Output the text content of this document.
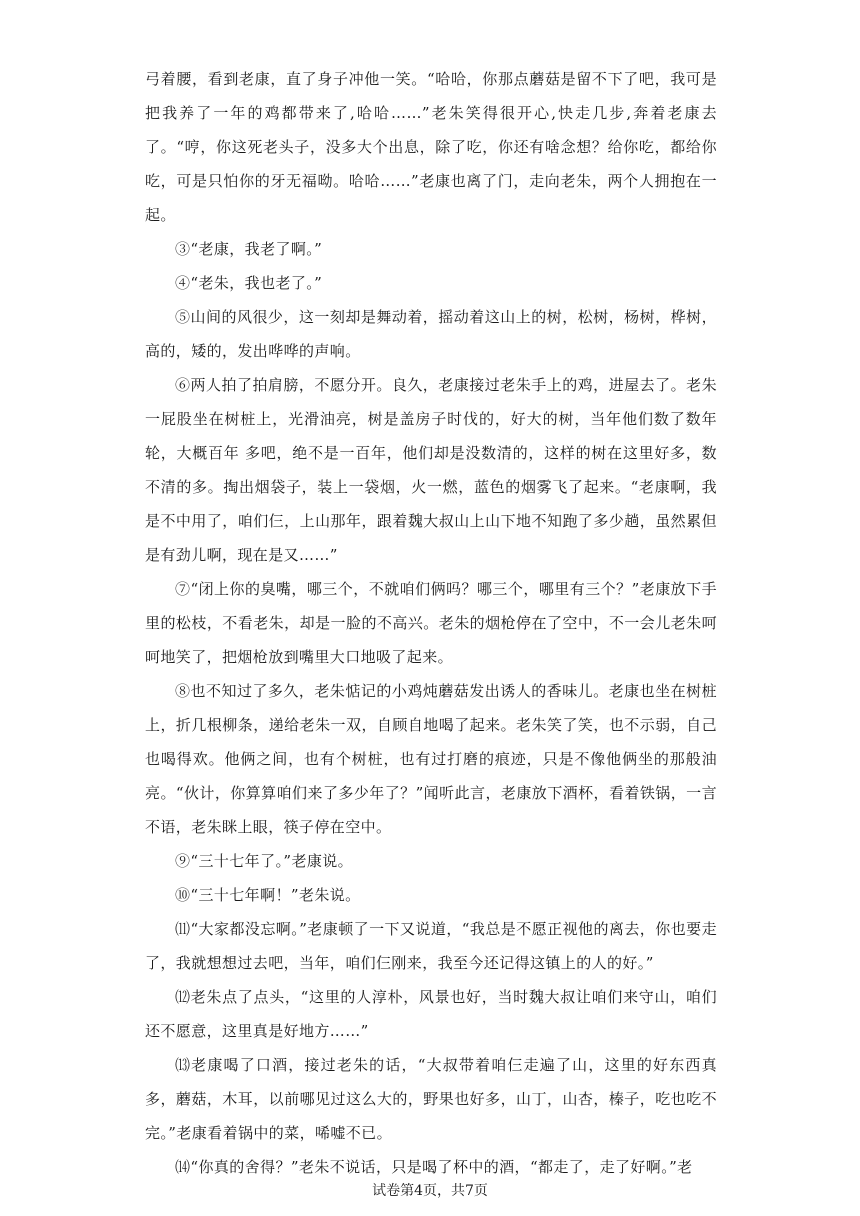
弓着腰，看到老康，直了身子冲他一笑。“哈哈，你那点蘑菇是留不下了吧，我可是把我养了一年的鸡都带来了,哈哈……”老朱笑得很开心,快走几步,奔着老康去了。“哼，你这死老头子，没多大个出息，除了吃，你还有啥念想？给你吃，都给你吃，可是只怕你的牙无福呦。哈哈……”老康也离了门，走向老朱，两个人拥抱在一起。

③“老康，我老了啊。”

④“老朱，我也老了。”

⑤山间的风很少，这一刻却是舞动着，摇动着这山上的树，松树，杨树，桦树，高的，矮的，发出哗哗的声响。

⑥两人拍了拍肩膀，不愿分开。良久，老康接过老朱手上的鸡，进屋去了。老朱一屁股坐在树桩上，光滑油亮，树是盖房子时伐的，好大的树，当年他们数了数年轮，大概百年 多吧，绝不是一百年，他们却是没数清的，这样的树在这里好多，数不清的多。掏出烟袋子，装上一袋烟，火一燃，蓝色的烟雾飞了起来。“老康啊，我是不中用了，咱们仨，上山那年，跟着魏大叔山上山下地不知跑了多少趟，虽然累但是有劲儿啊，现在是又……”

⑦“闭上你的臭嘴，哪三个，不就咱们俩吗？哪三个，哪里有三个？”老康放下手里的松枝，不看老朱，却是一脸的不高兴。老朱的烟枪停在了空中，不一会儿老朱呵呵地笑了，把烟枪放到嘴里大口地吸了起来。

⑧也不知过了多久，老朱惦记的小鸡炖蘑菇发出诱人的香味儿。老康也坐在树桩上，折几根柳条，递给老朱一双，自顾自地喝了起来。老朱笑了笑，也不示弱，自己也喝得欢。他俩之间，也有个树桩，也有过打磨的痕迹，只是不像他俩坐的那般油亮。“伙计，你算算咱们来了多少年了？”闻听此言，老康放下酒杯，看着铁锅，一言不语，老朱眯上眼，筷子停在空中。

⑨“三十七年了。”老康说。

⑩“三十七年啊！”老朱说。

⑾“大家都没忘啊。”老康顿了一下又说道，“我总是不愿正视他的离去，你也要走了，我就想想过去吧，当年，咱们仨刚来，我至今还记得这镇上的人的好。”

⑿老朱点了点头，“这里的人淳朴，风景也好，当时魏大叔让咱们来守山，咱们还不愿意，这里真是好地方……”

⒀老康喝了口酒，接过老朱的话，“大叔带着咱仨走遍了山，这里的好东西真多，蘑菇，木耳，以前哪见过这么大的，野果也好多，山丁，山杏，榛子，吃也吃不完。”老康看着锅中的菜，唏嘘不已。

⒁“你真的舍得？”老朱不说话，只是喝了杯中的酒，“都走了，走了好啊。”老

试卷第4页，共7页
